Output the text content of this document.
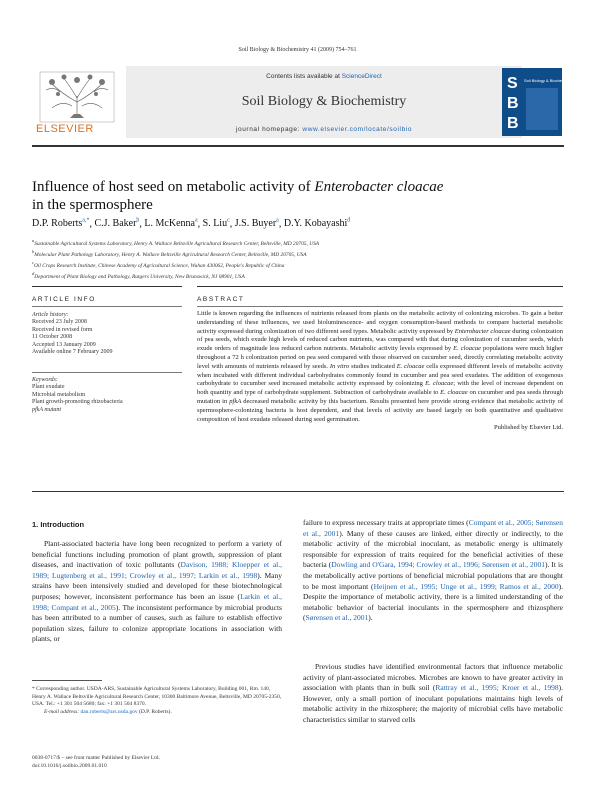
Soil Biology & Biochemistry 41 (2009) 754–761
ELSEVIER
Contents lists available at ScienceDirect
Soil Biology & Biochemistry
journal homepage: www.elsevier.com/locate/soilbio
S
B
B
Soil Biology & Biochemistry
Influence of host seed on metabolic activity of Enterobacter cloacae
in the spermosphere
D.P. Roberts$^{a,*}$, C.J. Baker$^b$, L. McKenna$^a$, S. Liu$^c$, J.S. Buyer$^a$, D.Y. Kobayashi$^d$
$^a$Sustainable Agricultural Systems Laboratory, Henry A. Wallace Beltsville Agricultural Research Center, Beltsville, MD 20705, USA
$^b$Molecular Plant Pathology Laboratory, Henry A. Wallace Beltsville Agricultural Research Center, Beltsville, MD 20705, USA
$^c$Oil Crops Research Institute, Chinese Academy of Agricultural Science, Wuhan 430062, People's Republic of China
$^d$Department of Plant Biology and Pathology, Rutgers University, New Brunswick, NJ 08901, USA
ARTICLE INFO
Article history:
Received 23 July 2008
Received in revised form
11 October 2008
Accepted 13 January 2009
Available online 7 February 2009
Keywords:
Plant exudate
Microbial metabolism
Plant growth-promoting rhizobacteria
pfkA mutant
ABSTRACT
Little is known regarding the influences of nutrients released from plants on the metabolic activity of colonizing microbes. To gain a better understanding of these influences, we used bioluminescence- and oxygen consumption-based methods to compare bacterial metabolic activity expressed during colonization of two different seed types. Metabolic activity expressed by Enterobacter cloacae during colonization of pea seeds, which exude high levels of reduced carbon nutrients, was compared with that during colonization of cucumber seeds, which exude orders of magnitude less reduced carbon nutrients. Metabolic activity levels expressed by E. cloacae populations were much higher throughout a 72 h colonization period on pea seed compared with those observed on cucumber seed, directly correlating metabolic activity level with amounts of nutrients released by seeds. In vitro studies indicated E. cloacae cells expressed different levels of metabolic activity when incubated with different individual carbohydrates commonly found in cucumber and pea seed exudates. The addition of exogenous carbohydrate to cucumber seed increased metabolic activity expressed by colonizing E. cloacae; with the level of increase dependent on both quantity and type of carbohydrate supplement. Subtraction of carbohydrate available to E. cloacae on cucumber and pea seeds through mutation in pfkA decreased metabolic activity by this bacterium. Results presented here provide strong evidence that metabolic activity of spermosphere-colonizing bacteria is host dependent, and that levels of activity are based largely on both quantitative and qualitative composition of host exudate released during seed germination.
Published by Elsevier Ltd.
1. Introduction
Plant-associated bacteria have long been recognized to perform a variety of beneficial functions including promotion of plant growth, suppression of plant diseases, and inactivation of toxic pollutants (Davison, 1988; Kloepper et al., 1989; Lugtenberg et al., 1991; Crowley et al., 1997; Larkin et al., 1998). Many strains have been intensively studied and developed for these biotechnological purposes; however, inconsistent performance has been an issue (Larkin et al., 1998; Compant et al., 2005). The inconsistent performance by microbial products has been attributed to a number of causes, such as failure to establish effective population sizes, failure to colonize appropriate locations in association with plants, or
* Corresponding author. USDA-ARS, Sustainable Agricultural Systems Laboratory, Building 001, Rm. 140, Henry A. Wallace Beltsville Agricultural Research Center, 10300 Baltimore Avenue, Beltsville, MD 20705-2350, USA. Tel.: +1 301 504 5680; fax: +1 301 504 8370.
E-mail address: dan.roberts@ars.usda.gov (D.P. Roberts).
0038-0717/$ – see front matter Published by Elsevier Ltd.
doi:10.1016/j.soilbio.2009.01.010
failure to express necessary traits at appropriate times (Compant et al., 2005; Sørensen et al., 2001). Many of these causes are linked, either directly or indirectly, to the metabolic activity of the microbial inoculant, as metabolic energy is ultimately responsible for expression of traits required for the beneficial activities of these bacteria (Dowling and O'Gara, 1994; Crowley et al., 1996; Sørensen et al., 2001). It is the metabolically active portions of beneficial microbial populations that are thought to be most important (Heijnen et al., 1995; Unge et al., 1999; Ramos et al., 2000). Despite the importance of metabolic activity, there is a limited understanding of the metabolic behavior of bacterial inoculants in the spermosphere and rhizosphere (Sørensen et al., 2001).
Previous studies have identified environmental factors that influence metabolic activity of plant-associated microbes. Microbes are known to have greater activity in association with plants than in bulk soil (Rattray et al., 1995; Kroer et al., 1998). However, only a small portion of inoculant populations maintains high levels of metabolic activity in the rhizosphere; the majority of microbial cells have metabolic characteristics similar to starved cells
